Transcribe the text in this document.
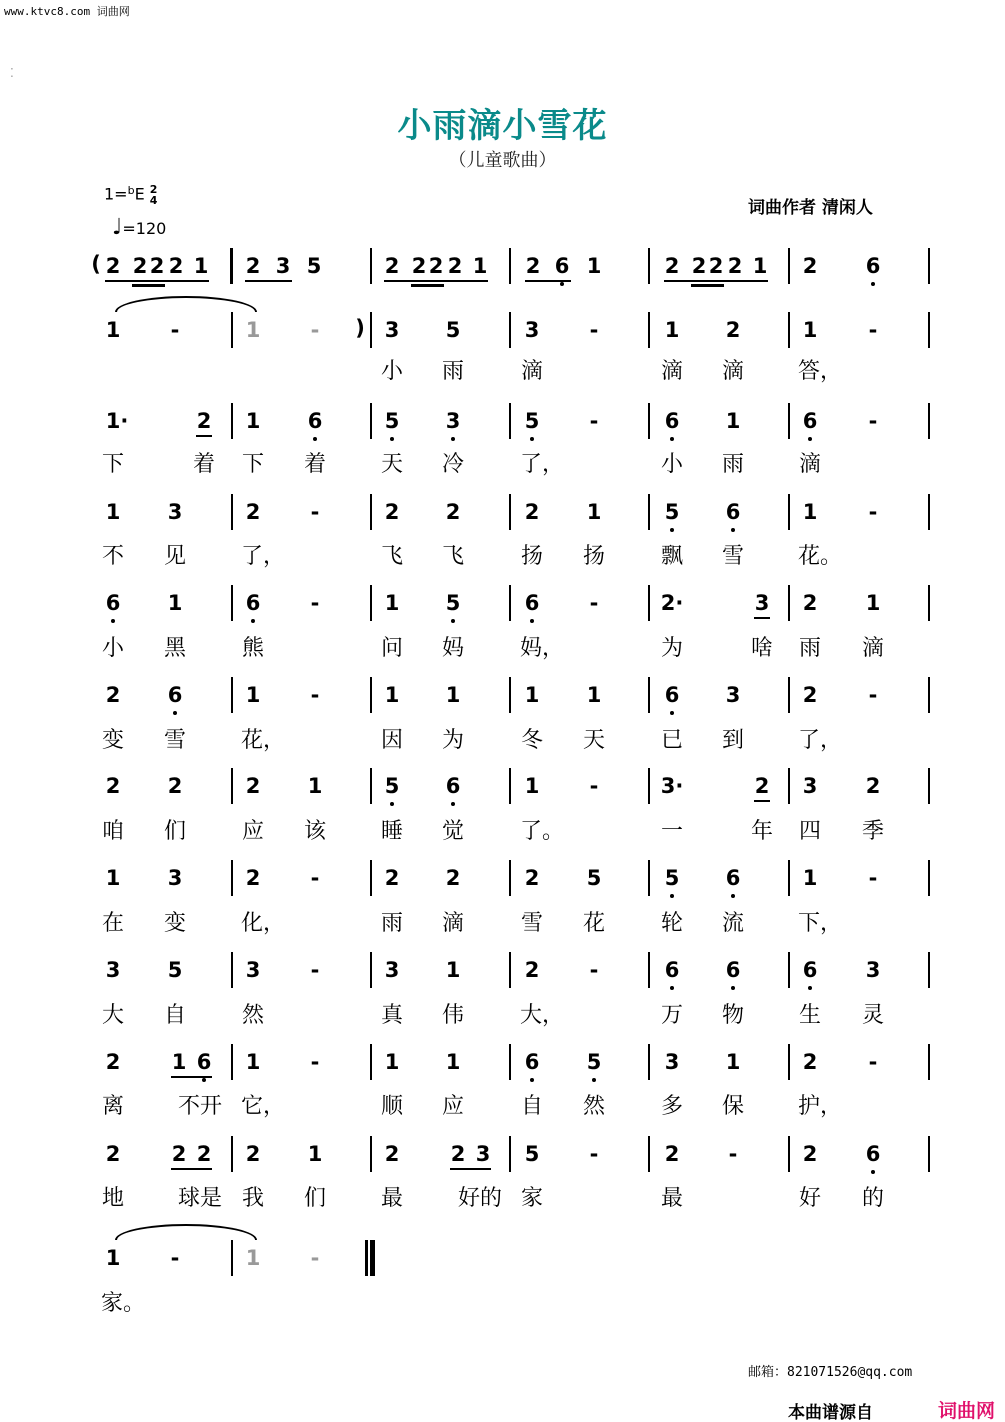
www.ktvc8.com 词曲网
⁚
小雨滴小雪花
（儿童歌曲）
1=$^b$E 2
4
♩=120
词曲作者 清闲人
( 2 2 2 2 1	2 2 2 2 1	2 2 2 2 1
2 3 5	2 6 1	2 6
1	-	1	-	3 5	3	-	1 2	1	-
)
1·	2 1 6	5 3	5	-	6 1	6	-
1 3	2	-	2 2	2 1	5 6	1	-
6 1	6	-	1 5	6	-	2·	3 2 1
2 6	1	-	1 1	1 1	6 3	2	-
2 2	2 1	5 6	1	-	3·	2 3 2
1 3	2	-	2 2	2 5	5 6	1	-
3 5	3	-	3 1	2	-	6 6	6 3
2 1 6 1	-	1 1	6 5	3 1	2	-
2 2 2 2 1	2 2 3 5	-	2	-	2 6
1	-	1	-
小 雨	滴	滴 滴 答，
下	着 下 着 天 冷	了，	小 雨 滴
不 见	了，	飞 飞	扬 扬	飘 雪 花。
小 黑	熊	问 妈	妈，	为	啥 雨 滴
变 雪	花，	因 为	冬 天	已 到 了，
咱 们	应 该 睡 觉	了。	一	年 四 季
在 变	化，	雨 滴	雪 花	轮 流 下，
大 自	然	真 伟	大，	万 物 生 灵
离 不开 它，	顺 应	自 然	多 保 护，
地 球是 我 们 最	好的 家	最	好 的
家。
邮箱：821071526@qq.com
本曲谱源自	词曲网
